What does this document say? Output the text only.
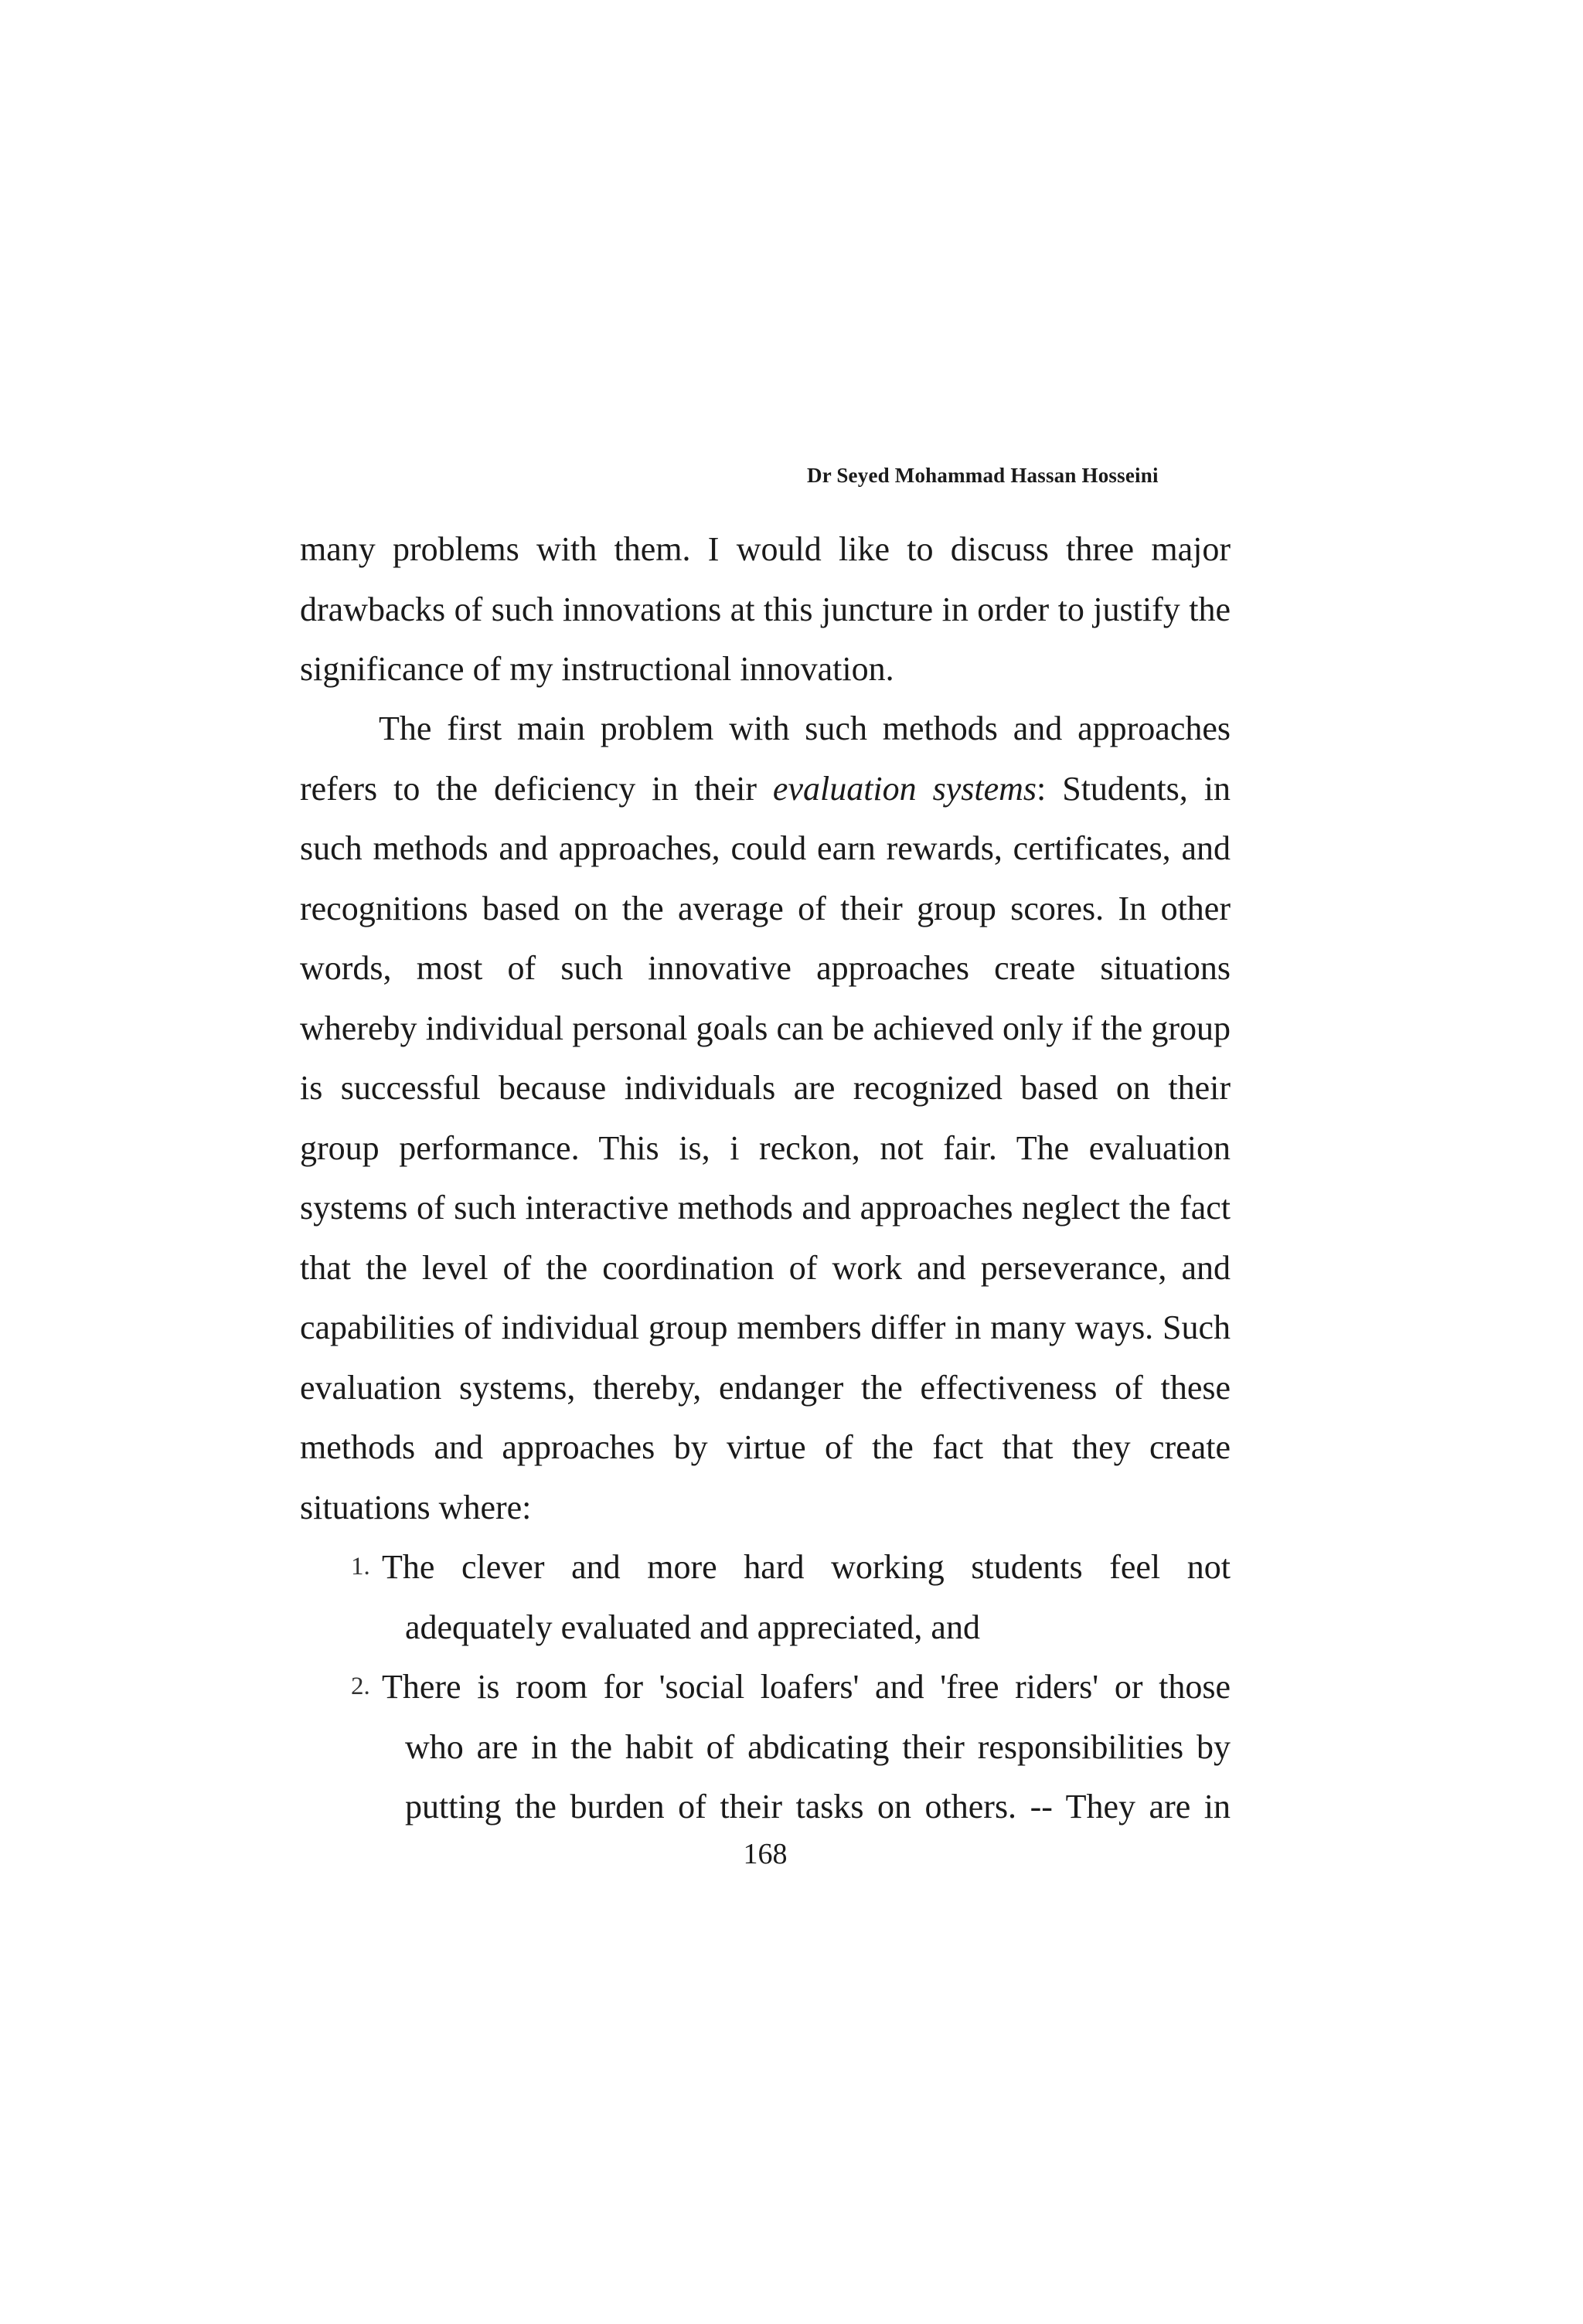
Dr Seyed Mohammad Hassan Hosseini

many problems with them. I would like to discuss three major drawbacks of such innovations at this juncture in order to justify the significance of my instructional innovation.

The first main problem with such methods and approaches refers to the deficiency in their evaluation systems: Students, in such methods and approaches, could earn rewards, certificates, and recognitions based on the average of their group scores. In other words, most of such innovative approaches create situations whereby individual personal goals can be achieved only if the group is successful because individuals are recognized based on their group performance. This is, i reckon, not fair. The evaluation systems of such interactive methods and approaches neglect the fact that the level of the coordination of work and perseverance, and capabilities of individual group members differ in many ways. Such evaluation systems, thereby, endanger the effectiveness of these methods and approaches by virtue of the fact that they create situations where:

1. The clever and more hard working students feel not
adequately evaluated and appreciated, and
2. There is room for 'social loafers' and 'free riders' or those
who are in the habit of abdicating their responsibilities by putting the burden of their tasks on others. -- They are in
168
